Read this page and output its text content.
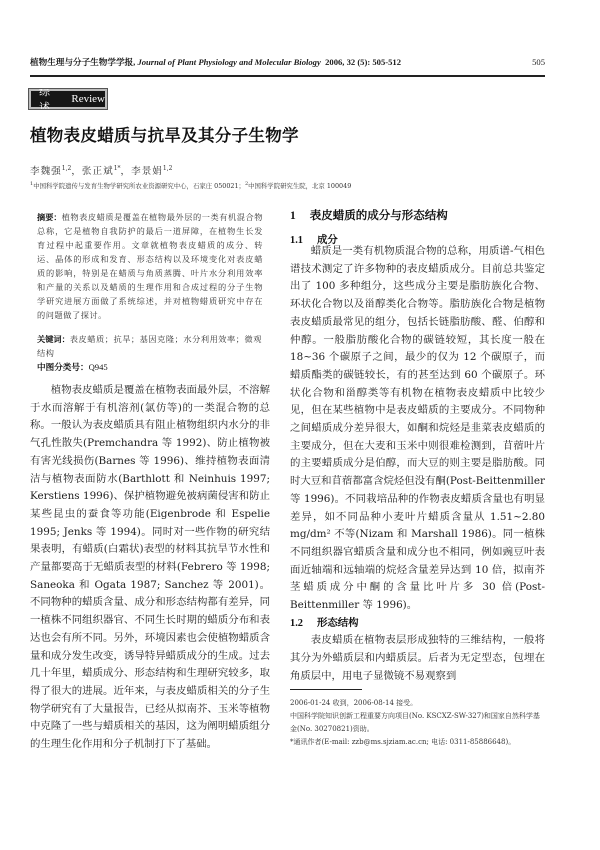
植物生理与分子生物学学报, Journal of Plant Physiology and Molecular Biology 2006, 32 (5): 505-512	505
综 述
Review
植物表皮蜡质与抗旱及其分子生物学
李魏强$^{1,2}$，张正斌$^{1*}$，李景娟$^{1,2}$
$^1$中国科学院遗传与发育生物学研究所农业资源研究中心，石家庄 050021；$^2$中国科学院研究生院，北京 100049
摘要：植物表皮蜡质是覆盖在植物最外层的一类有机混合物总称，它是植物自我防护的最后一道屏障，在植物生长发育过程中起重要作用。文章就植物表皮蜡质的成分、转运、晶体的形成和发育、形态结构以及环境变化对表皮蜡质的影响，特别是在蜡质与角质蒸腾、叶片水分利用效率和产量的关系以及蜡质的生理作用和合成过程的分子生物学研究进展方面做了系统综述，并对植物蜡质研究中存在的问题做了探讨。
关键词：表皮蜡质；抗旱；基因克隆；水分利用效率；微观结构
中图分类号：Q945

植物表皮蜡质是覆盖在植物表面最外层，不溶解于水而溶解于有机溶剂(氯仿等)的一类混合物的总称。一般认为表皮蜡质具有阻止植物组织内水分的非气孔性散失(Premchandra 等 1992)、防止植物被有害光线损伤(Barnes 等 1996)、维持植物表面清洁与植物表面防水(Barthlott 和 Neinhuis 1997; Kerstiens 1996)、保护植物避免被病菌侵害和防止某些昆虫的蚕食等功能(Eigenbrode 和 Espelie 1995; Jenks 等 1994)。同时对一些作物的研究结果表明，有蜡质(白霜状)表型的材料其抗旱节水性和产量都要高于无蜡质表型的材料(Febrero 等 1998; Saneoka 和 Ogata 1987; Sanchez 等 2001)。不同物种的蜡质含量、成分和形态结构都有差异，同一植株不同组织器官、不同生长时期的蜡质分布和表达也会有所不同。另外，环境因素也会使植物蜡质含量和成分发生改变，诱导特异蜡质成分的生成。过去几十年里，蜡质成分、形态结构和生理研究较多，取得了很大的进展。近年来，与表皮蜡质相关的分子生物学研究有了大量报告，已经从拟南芥、玉米等植物中克隆了一些与蜡质相关的基因，这为阐明蜡质组分的生理生化作用和分子机制打下了基础。

1 表皮蜡质的成分与形态结构
1.1 成分

蜡质是一类有机物质混合物的总称，用质谱-气相色谱技术测定了许多物种的表皮蜡质成分。目前总共鉴定出了 100 多种组分，这些成分主要是脂肪族化合物、环状化合物以及甾醇类化合物等。脂肪族化合物是植物表皮蜡质最常见的组分，包括长链脂肪酸、醛、伯醇和仲醇。一般脂肪酸化合物的碳链较短，其长度一般在 18~36 个碳原子之间，最少的仅为 12 个碳原子，而蜡质酯类的碳链较长，有的甚至达到 60 个碳原子。环状化合物和甾醇类等有机物在植物表皮蜡质中比较少见，但在某些植物中是表皮蜡质的主要成分。不同物种之间蜡质成分差异很大，如酮和烷烃是韭菜表皮蜡质的主要成分，但在大麦和玉米中则很难检测到，苜蓿叶片的主要蜡质成分是伯醇，而大豆的则主要是脂肪酸。同时大豆和苜蓿都富含烷烃但没有酮(Post-Beittenmiller 等 1996)。不同栽培品种的作物表皮蜡质含量也有明显差异，如不同品种小麦叶片蜡质含量从 1.51~2.80 mg/dm² 不等(Nizam 和 Marshall 1986)。同一植株不同组织器官蜡质含量和成分也不相同，例如豌豆叶表面近轴端和远轴端的烷烃含量差异达到 10 倍，拟南芥茎蜡质成分中酮的含量比叶片多 30 倍(Post-Beittenmiller 等 1996)。

1.2 形态结构

表皮蜡质在植物表层形成独特的三维结构，一般将其分为外蜡质层和内蜡质层。后者为无定型态，包埋在角质层中，用电子显微镜不易观察到

2006-01-24 收到，2006-08-14 接受。

中国科学院知识创新工程重要方向项目(No. KSCXZ-SW-327)和国家自然科学基金(No. 30270821)资助。

*通讯作者(E-mail: zzb@ms.sjziam.ac.cn; 电话: 0311-85886648)。
